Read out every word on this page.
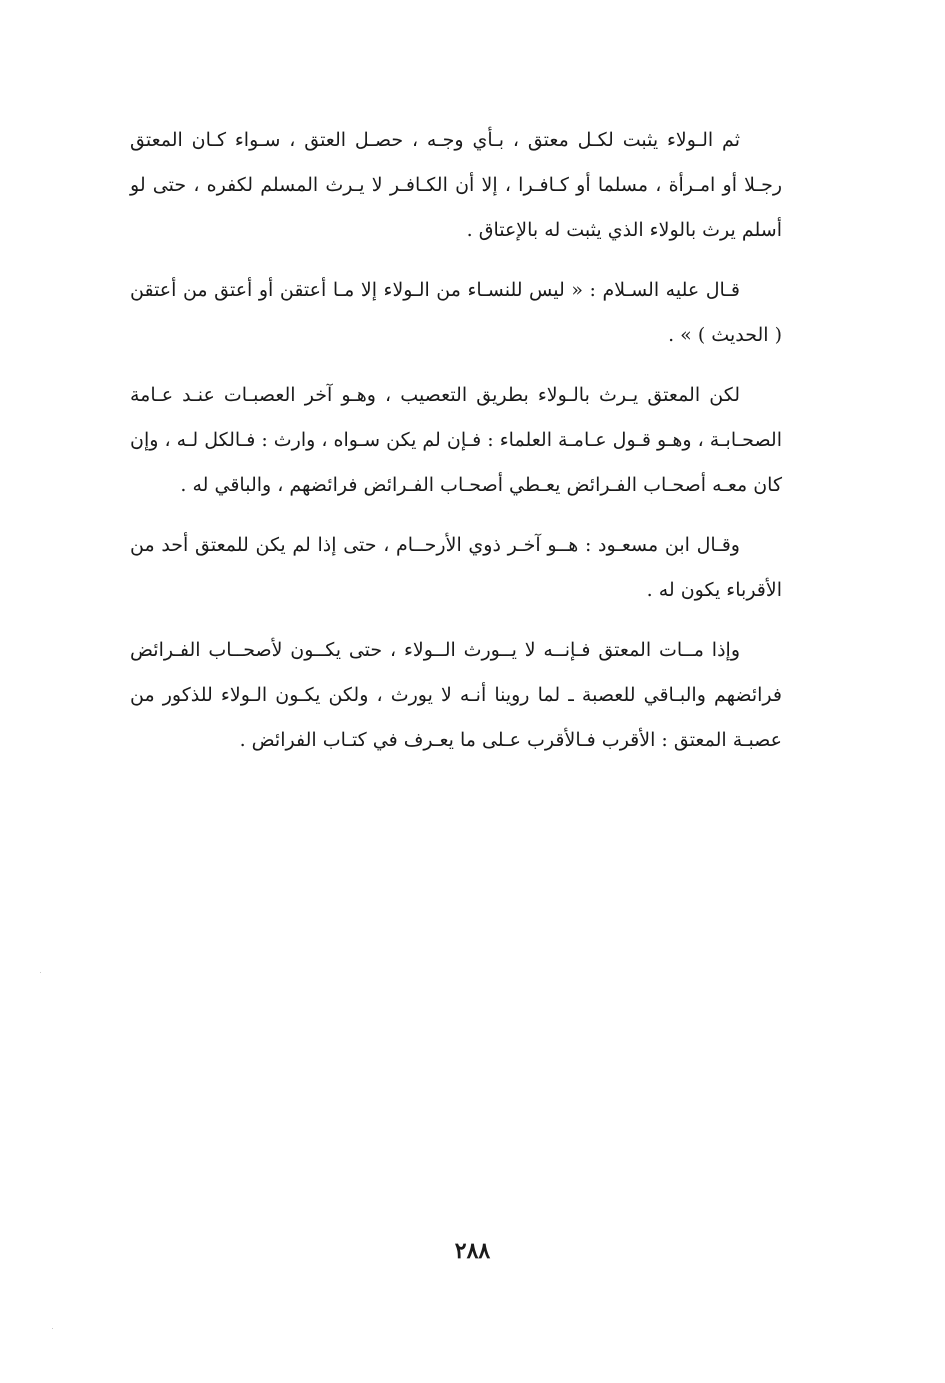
ثم الـولاء يثبت لكـل معتق ، بـأي وجـه ، حصـل العتق ، سـواء كـان المعتق رجـلا أو امـرأة ، مسلما أو كـافـرا ، إلا أن الكـافـر لا يـرث المسلم لكفره ، حتى لو أسلم يرث بالولاء الذي يثبت له بالإعتاق .

قـال عليه السـلام : « ليس للنسـاء من الـولاء إلا مـا أعتقن أو أعتق من أعتقن ( الحديث ) » .

لكن المعتق يـرث بالـولاء بطريق التعصيب ، وهـو آخر العصبـات عنـد عـامة الصحـابـة ، وهـو قـول عـامـة العلماء : فـإن لم يكن سـواه ، وارث : فـالكل لـه ، وإن كان معـه أصحـاب الفـرائض يعـطي أصحـاب الفـرائض فرائضهم ، والباقي له .

وقـال ابن مسعـود : هــو آخـر ذوي الأرحــام ، حتى إذا لم يكن للمعتق أحد من الأقرباء يكون له .

وإذا مــات المعتق فـإنــه لا يــورث الــولاء ، حتى يكــون لأصحــاب الفـرائض فرائضهم والبـاقي للعصبة ـ لما روينا أنـه لا يورث ، ولكن يكـون الـولاء للذكور من عصبـة المعتق : الأقرب فـالأقرب عـلى ما يعـرف في كتـاب الفرائض .

٢٨٨
